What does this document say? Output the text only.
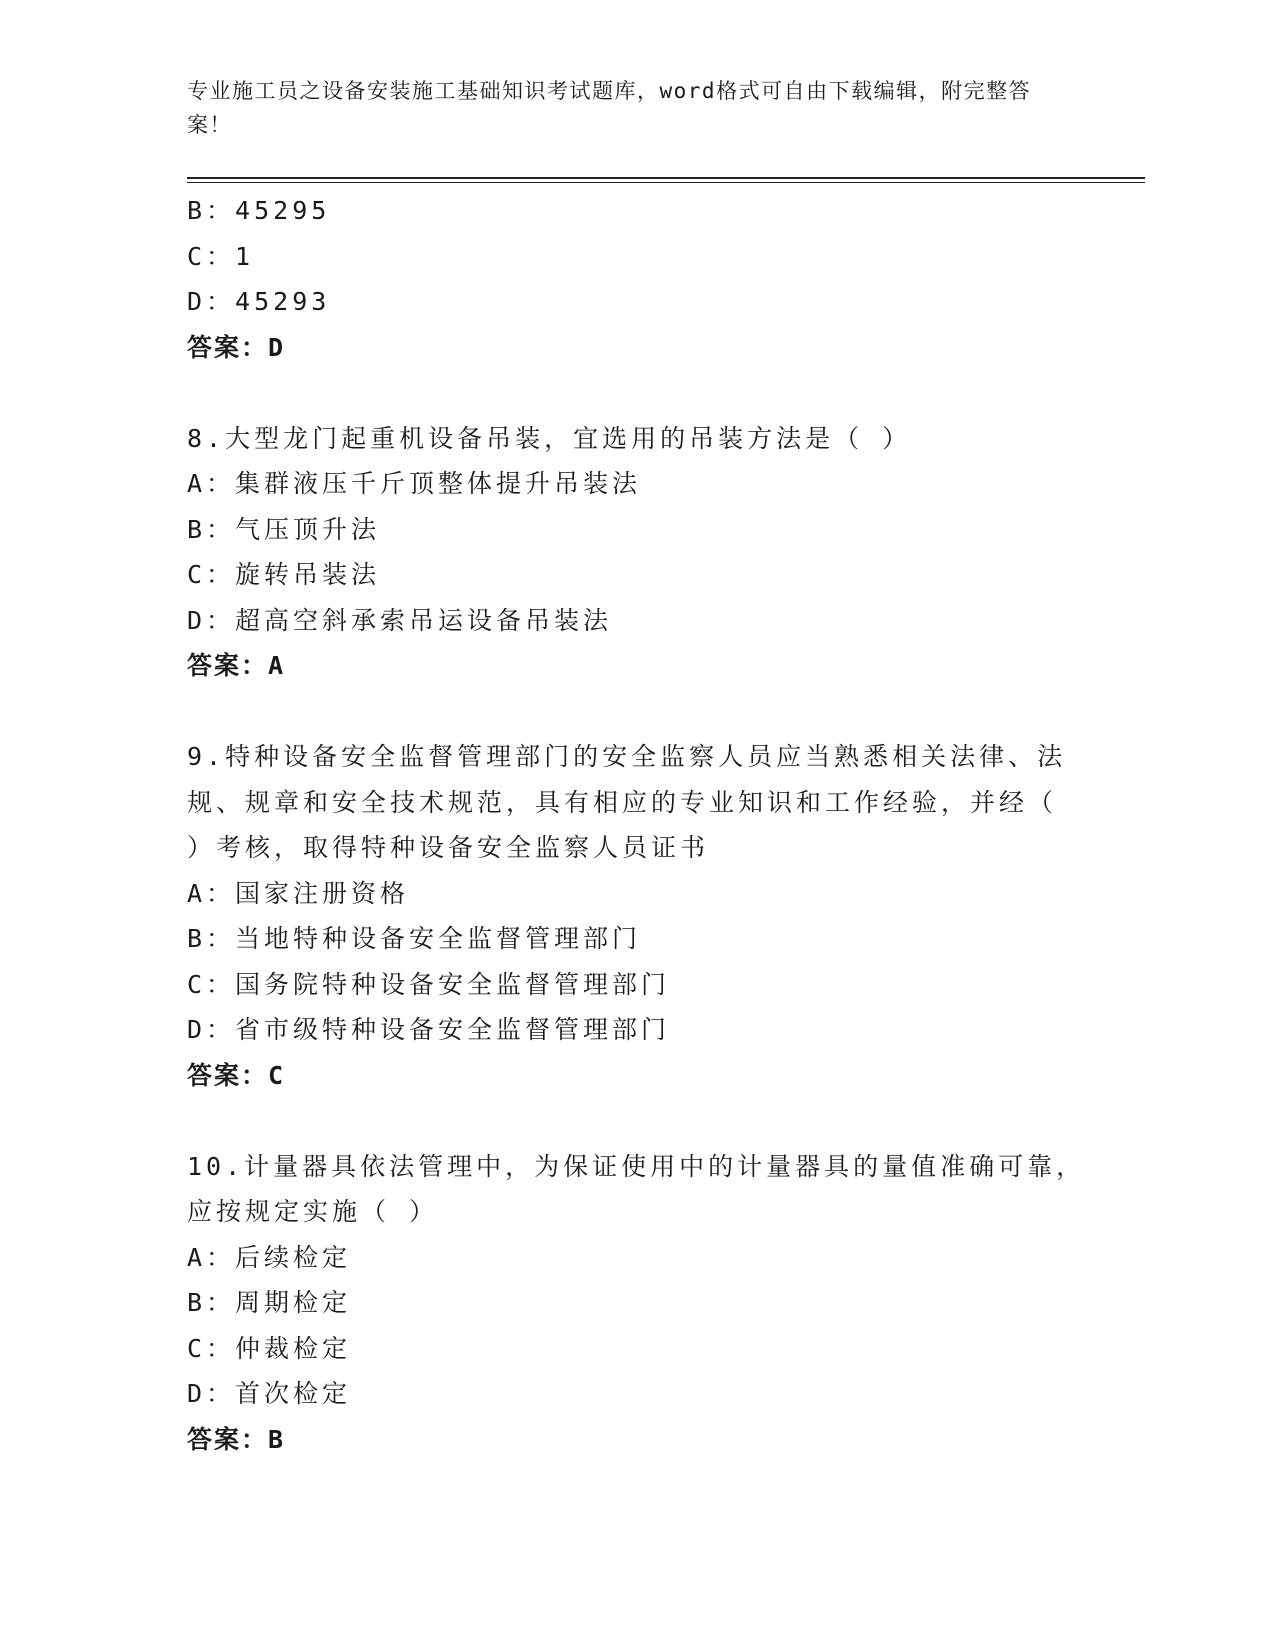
专业施工员之设备安装施工基础知识考试题库，word格式可自由下载编辑，附完整答案！
B：45295
C：1
D：45293
答案：D
8.大型龙门起重机设备吊装，宜选用的吊装方法是（ ）
A：集群液压千斤顶整体提升吊装法
B：气压顶升法
C：旋转吊装法
D：超高空斜承索吊运设备吊装法
答案：A
9.特种设备安全监督管理部门的安全监察人员应当熟悉相关法律、法
规、规章和安全技术规范，具有相应的专业知识和工作经验，并经（
）考核，取得特种设备安全监察人员证书
A：国家注册资格
B：当地特种设备安全监督管理部门
C：国务院特种设备安全监督管理部门
D：省市级特种设备安全监督管理部门
答案：C
10.计量器具依法管理中，为保证使用中的计量器具的量值准确可靠，
应按规定实施（ ）
A：后续检定
B：周期检定
C：仲裁检定
D：首次检定
答案：B
